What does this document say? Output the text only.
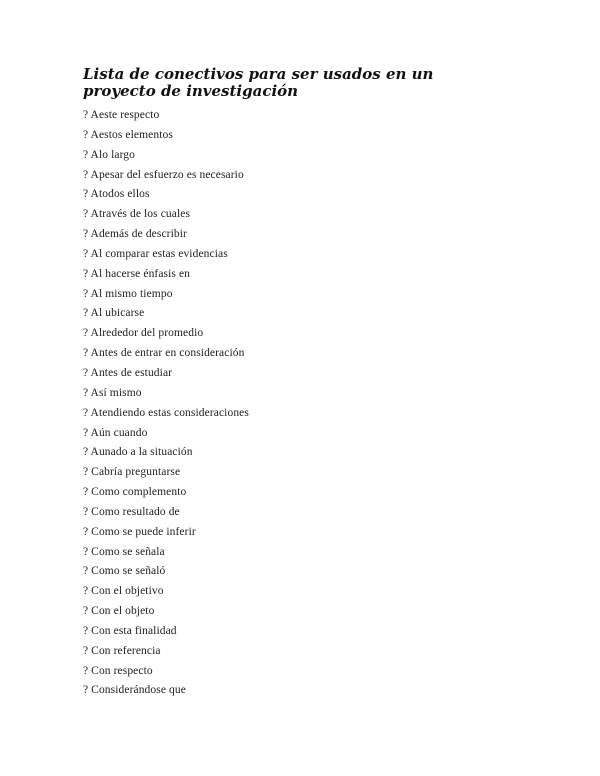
Lista de conectivos para ser usados en un proyecto de investigación
? Aeste respecto
? Aestos elementos
? Alo largo
? Apesar del esfuerzo es necesario
? Atodos ellos
? Através de los cuales
? Además de describir
? Al comparar estas evidencias
? Al hacerse énfasis en
? Al mismo tiempo
? Al ubicarse
? Alrededor del promedio
? Antes de entrar en consideración
? Antes de estudiar
? Así mismo
? Atendiendo estas consideraciones
? Aún cuando
? Aunado a la situación
? Cabría preguntarse
? Como complemento
? Como resultado de
? Como se puede inferir
? Como se señala
? Como se señaló
? Con el objetivo
? Con el objeto
? Con esta finalidad
? Con referencia
? Con respecto
? Considerándose que
